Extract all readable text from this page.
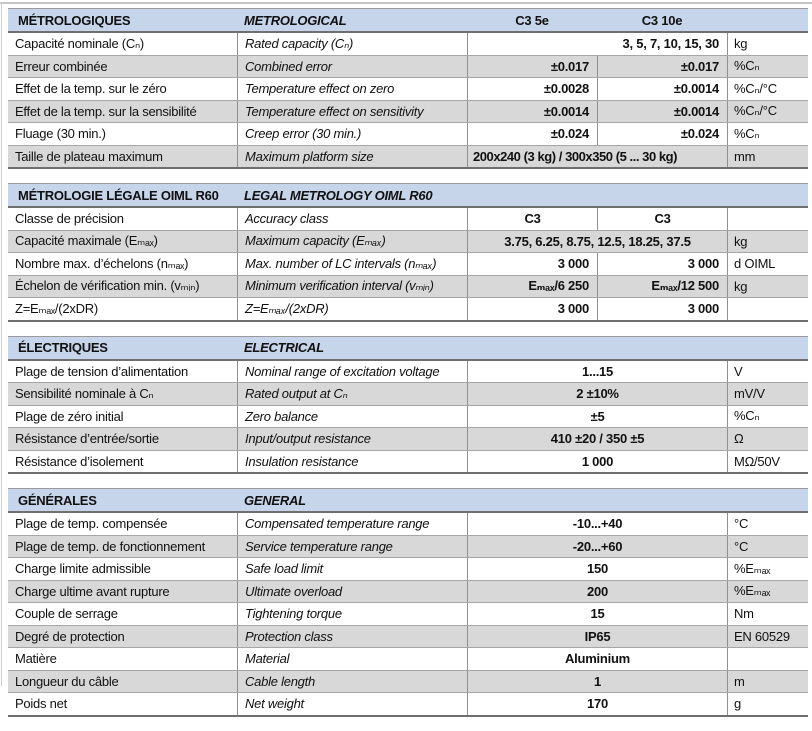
MÉTROLOGIQUES	METROLOGICAL	C3 5e	C3 10e
Capacité nominale (Cₙ)	Rated capacity (Cₙ)	3, 5, 7, 10, 15, 30	kg
Erreur combinée	Combined error	±0.017	±0.017	%Cₙ
Effet de la temp. sur le zéro	Temperature effect on zero	±0.0028	±0.0014	%Cₙ/°C
Effet de la temp. sur la sensibilité	Temperature effect on sensitivity	±0.0014	±0.0014	%Cₙ/°C
Fluage (30 min.)	Creep error (30 min.)	±0.024	±0.024	%Cₙ
Taille de plateau maximum	Maximum platform size	200x240 (3 kg) / 300x350 (5 ... 30 kg)	mm
MÉTROLOGIE LÉGALE OIML R60	LEGAL METROLOGY OIML R60
Classe de précision	Accuracy class	C3	C3
Capacité maximale (Eₘₐₓ)	Maximum capacity (Eₘₐₓ)	3.75, 6.25, 8.75, 12.5, 18.25, 37.5	kg
Nombre max. d’échelons (nₘₐₓ)	Max. number of LC intervals (nₘₐₓ)	3 000	3 000	d OIML
Échelon de vérification min. (vₘᵢₙ)	Minimum verification interval (vₘᵢₙ)	Eₘₐₓ/6 250	Eₘₐₓ/12 500	kg
Z=Eₘₐₓ/(2xDR)	Z=Eₘₐₓ/(2xDR)	3 000	3 000
ÉLECTRIQUES	ELECTRICAL
Plage de tension d’alimentation	Nominal range of excitation voltage	1...15	V
Sensibilité nominale à Cₙ	Rated output at Cₙ	2 ±10%	mV/V
Plage de zéro initial	Zero balance	±5	%Cₙ
Résistance d’entrée/sortie	Input/output resistance	410 ±20 / 350 ±5	Ω
Résistance d’isolement	Insulation resistance	1 000	MΩ/50V
GÉNÉRALES	GENERAL
Plage de temp. compensée	Compensated temperature range	-10...+40	°C
Plage de temp. de fonctionnement	Service temperature range	-20...+60	°C
Charge limite admissible	Safe load limit	150	%Eₘₐₓ
Charge ultime avant rupture	Ultimate overload	200	%Eₘₐₓ
Couple de serrage	Tightening torque	15	Nm
Degré de protection	Protection class	IP65	EN 60529
Matière	Material	Aluminium
Longueur du câble	Cable length	1	m
Poids net	Net weight	170	g
